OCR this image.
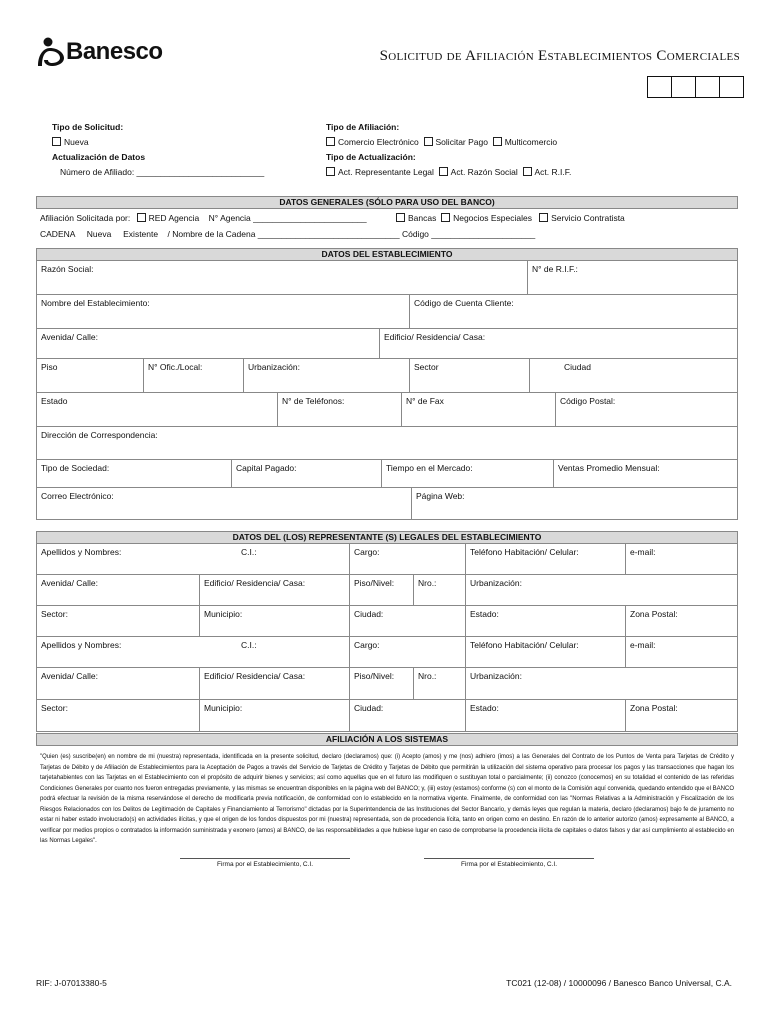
Banesco	Solicitud de Afiliación Establecimientos Comerciales
Tipo de Solicitud:
Nueva
Actualización de Datos
Número de Afiliado: ___________________________
Tipo de Afiliación:
Comercio Electrónico Solicitar Pago Multicomercio
Tipo de Actualización:
Act. Representante Legal Act. Razón Social Act. R.I.F.
DATOS GENERALES (SÓLO PARA USO DEL BANCO)
Afiliación Solicitada por: RED Agencia N° Agencia ________________________	Bancas Negocios Especiales Servicio Contratista
CADENA     Nueva     Existente    / Nombre de la Cadena ______________________________ Código ______________________
DATOS DEL ESTABLECIMIENTO
Razón Social:	N° de R.I.F.:
Nombre del Establecimiento:	Código de Cuenta Cliente:
Avenida/ Calle:	Edificio/ Residencia/ Casa:
Piso	N° Ofic./Local:	Urbanización:	Sector	Ciudad
Estado	N° de Teléfonos:	N° de Fax	Código Postal:
Dirección de Correspondencia:
Tipo de Sociedad:	Capital Pagado:	Tiempo en el Mercado:	Ventas Promedio Mensual:
Correo Electrónico:	Página Web:
DATOS DEL (LOS) REPRESENTANTE (S) LEGALES DEL ESTABLECIMIENTO
Apellidos y Nombres:	C.I.:	Cargo:	Teléfono Habitación/ Celular:	e-mail:
Avenida/ Calle:	Edificio/ Residencia/ Casa:	Piso/Nivel:	Nro.:	Urbanización:
Sector:	Municipio:	Ciudad:	Estado:	Zona Postal:
Apellidos y Nombres:	C.I.:	Cargo:	Teléfono Habitación/ Celular:	e-mail:
Avenida/ Calle:	Edificio/ Residencia/ Casa:	Piso/Nivel:	Nro.:	Urbanización:
Sector:	Municipio:	Ciudad:	Estado:	Zona Postal:
AFILIACIÓN A LOS SISTEMAS
"Quien (es) suscribe(en) en nombre de mi (nuestra) representada, identificada en la presente solicitud, declaro (declaramos) que: (i) Acepto (amos) y me (nos) adhiero (imos) a las Generales del Contrato de los Puntos de Venta para Tarjetas de Crédito y Tarjetas de Débito y de Afiliación de Establecimientos para la Aceptación de Pagos a través del Servicio de Tarjetas de Crédito y Tarjetas de Débito que permitirán la utilización del sistema operativo para procesar los pagos y las transacciones que hagan los tarjetahabientes con las Tarjetas en el Establecimiento con el propósito de adquirir bienes y servicios; así como aquellas que en el futuro las modifiquen o sustituyan total o parcialmente; (ii) conozco (conocemos) en su totalidad el contenido de las referidas Condiciones Generales por cuanto nos fueron entregadas previamente, y las mismas se encuentran disponibles en la página web del BANCO; y, (iii) estoy (estamos) conforme (s) con el monto de la Comisión aquí convenida, quedando entendido que el BANCO podrá efectuar la revisión de la misma reservándose el derecho de modificarla previa notificación, de conformidad con lo establecido en la normativa vigente. Finalmente, de conformidad con las "Normas Relativas a la Administración y Fiscalización de los Riesgos Relacionados con los Delitos de Legitimación de Capitales y Financiamiento al Terrorismo" dictadas por la Superintendencia de las Instituciones del Sector Bancario, y demás leyes que regulan la materia, declaro (declaramos) bajo fe de juramento no estar ni haber estado involucrado(s) en actividades ilícitas, y que el origen de los fondos dispuestos por mi (nuestra) representada, son de procedencia lícita, tanto en origen como en destino. En razón de lo anterior autorizo (amos) expresamente al BANCO, a verificar por medios propios o contratados la información suministrada y exonero (amos) al BANCO, de las responsabilidades a que hubiese lugar en caso de comprobarse la procedencia ilícita de capitales o datos falsos y dar así cumplimiento al establecido en las Normas Legales".
Firma por el Establecimiento, C.I.	Firma por el Establecimiento, C.I.
RIF: J-07013380-5	TC021 (12-08) / 10000096 / Banesco Banco Universal, C.A.
